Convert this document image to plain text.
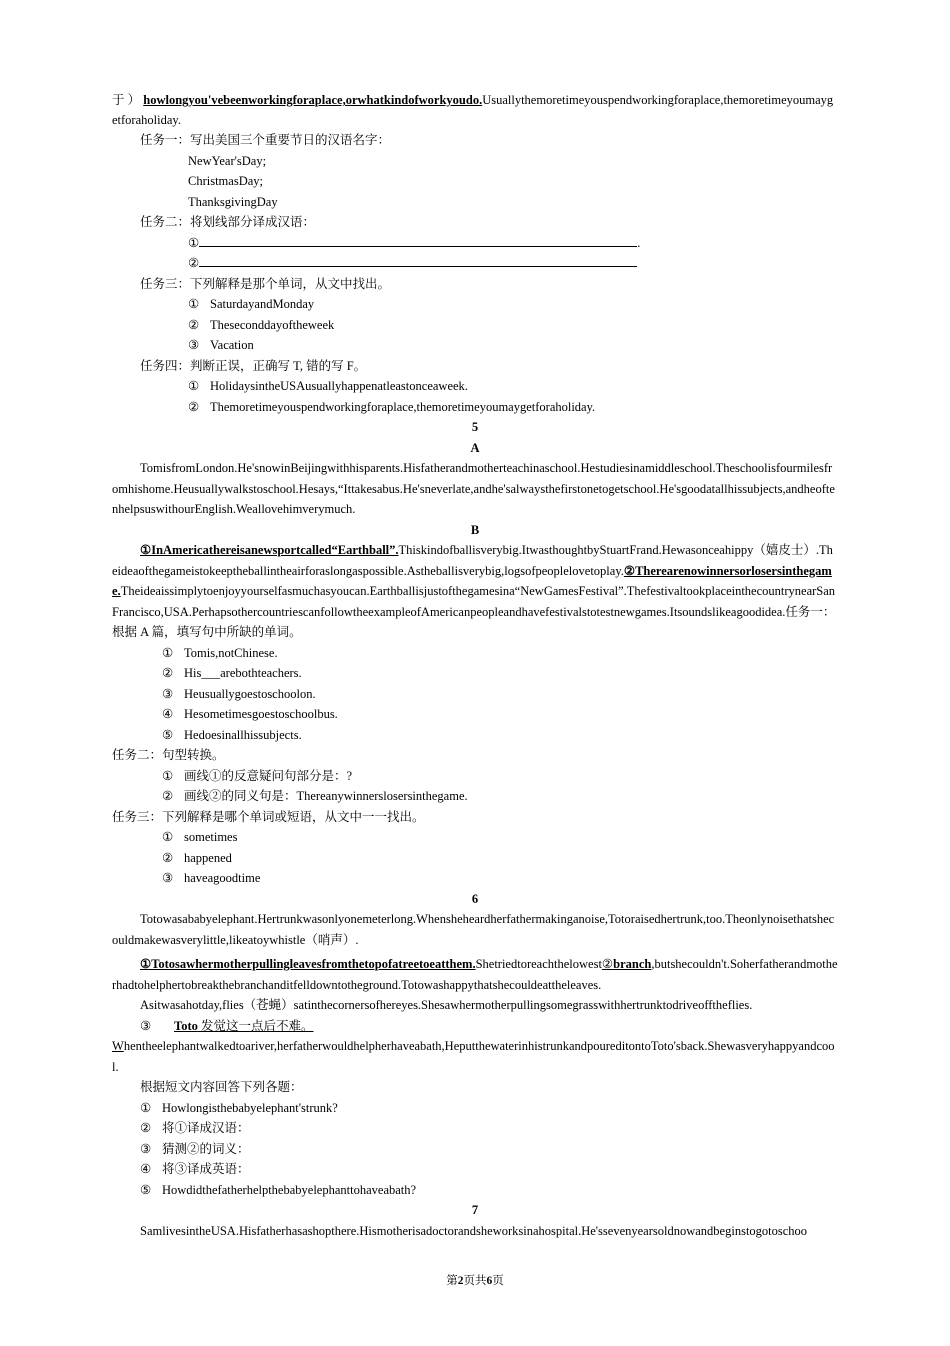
于 ） howlongyou'vebeenworkingforaplace,orwhatkindofworkyoudo.Usuallythemoretimeyouspendworkingforaplace,themoretimeyoumaygetforaholiday.

任务一：写出美国三个重要节日的汉语名字：

NewYear'sDay;

ChristmasDay;

ThanksgivingDay

任务二：将划线部分译成汉语：

①	.

②

任务三：下列解释是那个单词，从文中找出。

① SaturdayandMonday

② Theseconddayoftheweek

③ Vacation

任务四：判断正误，正确写 T, 错的写 F。

① HolidaysintheUSAusuallyhappenatleastonceaweek.

② Themoretimeyouspendworkingforaplace,themoretimeyoumaygetforaholiday.

5

A

TomisfromLondon.He'snowinBeijingwithhisparents.Hisfatherandmotherteachinaschool.Hestudiesinamiddleschool.Theschoolisfourmilesfromhishome.Heusuallywalkstoschool.Hesays,“Ittakesabus.He'sneverlate,andhe'salwaysthefirstonetogetschool.He'sgoodatallhissubjects,andheoftenhelpsuswithourEnglish.Weallovehimverymuch.

B

①InAmericathereisanewsportcalled“Earthball”.Thiskindofballisverybig.ItwasthoughtbyStuartFrand.Hewasonceahippy（嬉皮士）.Theideaofthegameistokeeptheballintheairforaslongaspossible.Astheballisverybig,logsofpeoplelovetoplay.②Therearenowinnersorlosersinthegame.Theideaissimplytoenjoyyourselfasmuchasyoucan.Earthballisjustofthegamesina“NewGamesFestival”.ThefestivaltookplaceinthecountrynearSanFrancisco,USA.PerhapsothercountriescanfollowtheexampleofAmericanpeopleandhavefestivalstotestnewgames.Itsoundslikeagoodidea.任务一：根据 A 篇，填写句中所缺的单词。

① Tomis,notChinese.

② His___arebothteachers.

③ Heusuallygoestoschoolon.

④ Hesometimesgoestoschoolbus.

⑤ Hedoesinallhissubjects.

任务二：句型转换。

① 画线①的反意疑问句部分是：?

② 画线②的同义句是：Thereanywinnerslosersinthegame.

任务三：下列解释是哪个单词或短语，从文中一一找出。

① sometimes

② happened

③ haveagoodtime

6

Totowasababyelephant.Hertrunkwasonlyonemeterlong.Whensheheardherfathermakinganoise,Totoraisedhertrunk,too.Theonlynoisethatshecouldmakewasverylittle,likeatoywhistle（哨声）.

①Totosawhermotherpullingleavesfromthetopofatreetoeatthem.Shetriedtoreachthelowest②branch,butshecouldn't.Soherfatherandmotherhadtohelphertobreakthebranchanditfelldowntotheground.Totowashappythatshecouldeattheleaves.

Asitwasahotday,flies（苍蝇）satinthecornersofhereyes.Shesawhermotherpullingsomegrasswithhertrunktodriveofftheflies.

③ Toto 发觉这一点后不难。

Whentheelephantwalkedtoariver,herfatherwouldhelpherhaveabath,HeputthewaterinhistrunkandpoureditontoToto'sback.Shewasveryhappyandcool.

根据短文内容回答下列各题：

① Howlongisthebabyelephant'strunk?

② 将①译成汉语：

③ 猜测②的词义：

④ 将③译成英语：

⑤ Howdidthefatherhelpthebabyelephanttohaveabath?

7

SamlivesintheUSA.Hisfatherhasashopthere.Hismotherisadoctorandsheworksinahospital.He'ssevenyearsoldnowandbeginstogotoschoo

第2页共6页
